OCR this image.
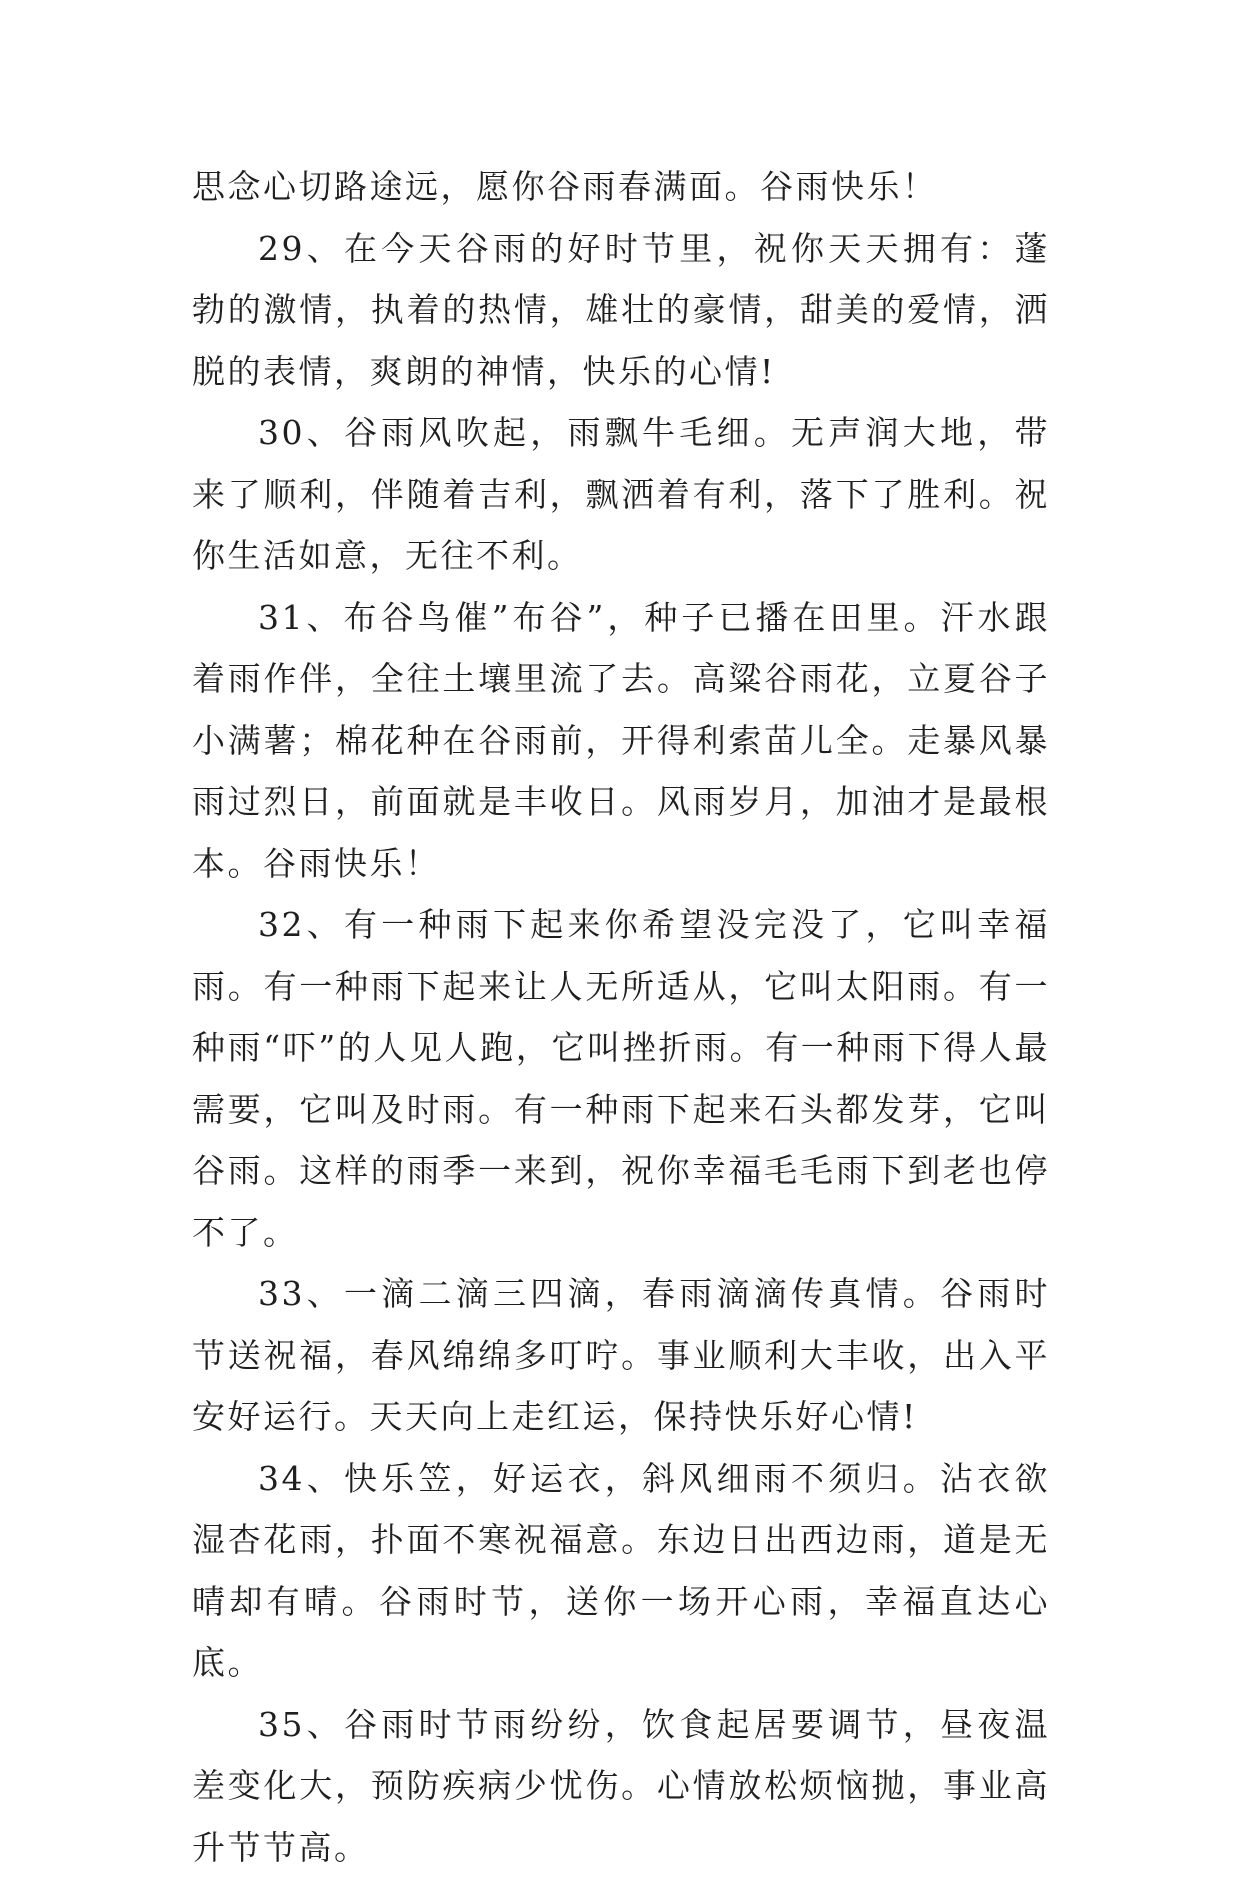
思念心切路途远，愿你谷雨春满面。谷雨快乐！

29、在今天谷雨的好时节里，祝你天天拥有：蓬勃的激情，执着的热情，雄壮的豪情，甜美的爱情，洒脱的表情，爽朗的神情，快乐的心情!

30、谷雨风吹起，雨飘牛毛细。无声润大地，带来了顺利，伴随着吉利，飘洒着有利，落下了胜利。祝你生活如意，无往不利。

31、布谷鸟催”布谷”，种子已播在田里。汗水跟着雨作伴，全往土壤里流了去。高粱谷雨花，立夏谷子小满薯；棉花种在谷雨前，开得利索苗儿全。走暴风暴雨过烈日，前面就是丰收日。风雨岁月，加油才是最根本。谷雨快乐！

32、有一种雨下起来你希望没完没了，它叫幸福雨。有一种雨下起来让人无所适从，它叫太阳雨。有一种雨“吓”的人见人跑，它叫挫折雨。有一种雨下得人最需要，它叫及时雨。有一种雨下起来石头都发芽，它叫谷雨。这样的雨季一来到，祝你幸福毛毛雨下到老也停不了。

33、一滴二滴三四滴，春雨滴滴传真情。谷雨时节送祝福，春风绵绵多叮咛。事业顺利大丰收，出入平安好运行。天天向上走红运，保持快乐好心情!

34、快乐笠，好运衣，斜风细雨不须归。沾衣欲湿杏花雨，扑面不寒祝福意。东边日出西边雨，道是无晴却有晴。谷雨时节，送你一场开心雨，幸福直达心底。

35、谷雨时节雨纷纷，饮食起居要调节，昼夜温差变化大，预防疾病少忧伤。心情放松烦恼抛，事业高升节节高。
